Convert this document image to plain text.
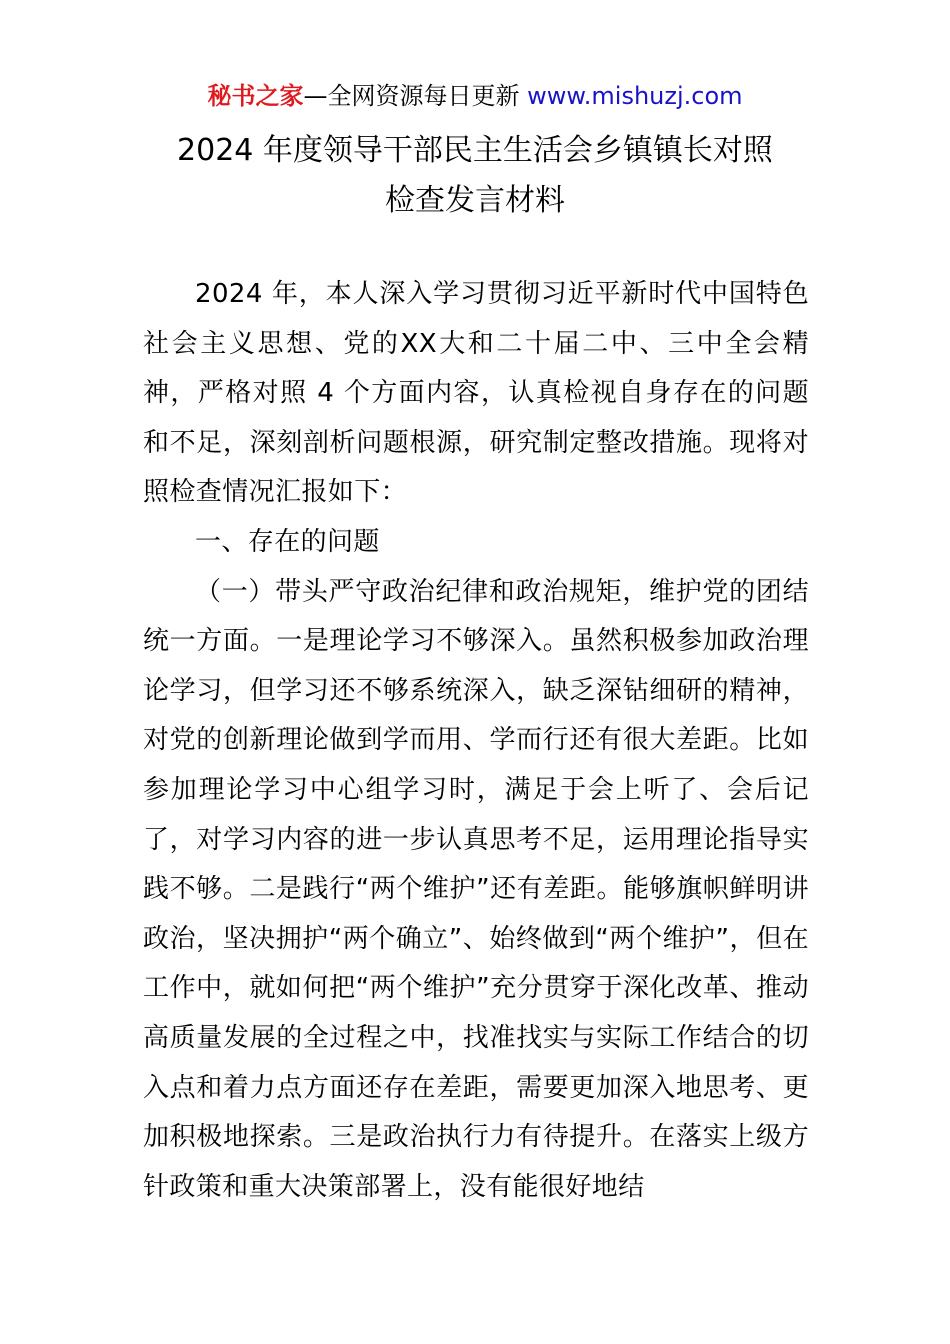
秘书之家—全网资源每日更新 www.mishuzj.com
2024 年度领导干部民主生活会乡镇镇长对照
检查发言材料

2024 年，本人深入学习贯彻习近平新时代中国特色社会主义思想、党的XX大和二十届二中、三中全会精神，严格对照 4 个方面内容，认真检视自身存在的问题和不足，深刻剖析问题根源，研究制定整改措施。现将对照检查情况汇报如下：

一、存在的问题

（一）带头严守政治纪律和政治规矩，维护党的团结统一方面。一是理论学习不够深入。虽然积极参加政治理论学习，但学习还不够系统深入，缺乏深钻细研的精神，对党的创新理论做到学而用、学而行还有很大差距。比如参加理论学习中心组学习时，满足于会上听了、会后记了，对学习内容的进一步认真思考不足，运用理论指导实践不够。二是践行“两个维护”还有差距。能够旗帜鲜明讲政治，坚决拥护“两个确立”、始终做到“两个维护”，但在工作中，就如何把“两个维护”充分贯穿于深化改革、推动高质量发展的全过程之中，找准找实与实际工作结合的切入点和着力点方面还存在差距，需要更加深入地思考、更加积极地探索。三是政治执行力有待提升。在落实上级方针政策和重大决策部署上，没有能很好地结
